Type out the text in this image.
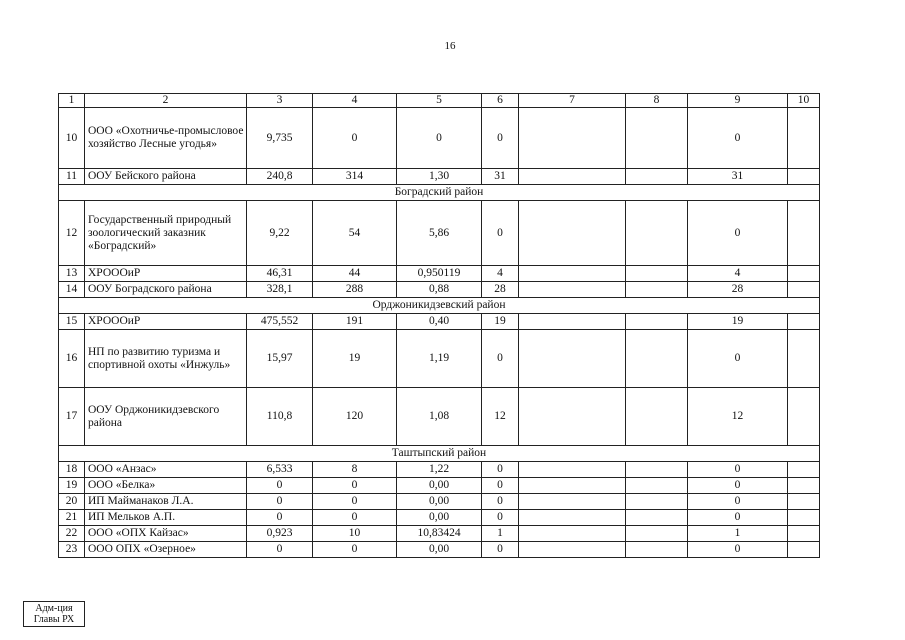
16
1	2	3	4	5	6	7	8	9	10
10	ООО «Охотничье-промысловое хозяйство Лесные угодья»	9,735	0	0	0			0	
11	ООУ Бейского района	240,8	314	1,30	31			31	
Боградский район									
12	Государственный природный зоологический заказник «Боградский»	9,22	54	5,86	0			0	
13	ХРОООиР	46,31	44	0,950119	4			4	
14	ООУ Боградского района	328,1	288	0,88	28			28	
Орджоникидзевский район									
15	ХРОООиР	475,552	191	0,40	19			19	
16	НП по развитию туризма и спортивной охоты «Инжуль»	15,97	19	1,19	0			0	
17	ООУ Орджоникидзевского района	110,8	120	1,08	12			12	
Таштыпский район									
18	ООО «Анзас»	6,533	8	1,22	0			0	
19	ООО «Белка»	0	0	0,00	0			0	
20	ИП Майманаков Л.А.	0	0	0,00	0			0	
21	ИП Мельков А.П.	0	0	0,00	0			0	
22	ООО «ОПХ Кайзас»	0,923	10	10,83424	1			1	
23	ООО ОПХ «Озерное»	0	0	0,00	0			0	
Адм-ция
Главы РХ
